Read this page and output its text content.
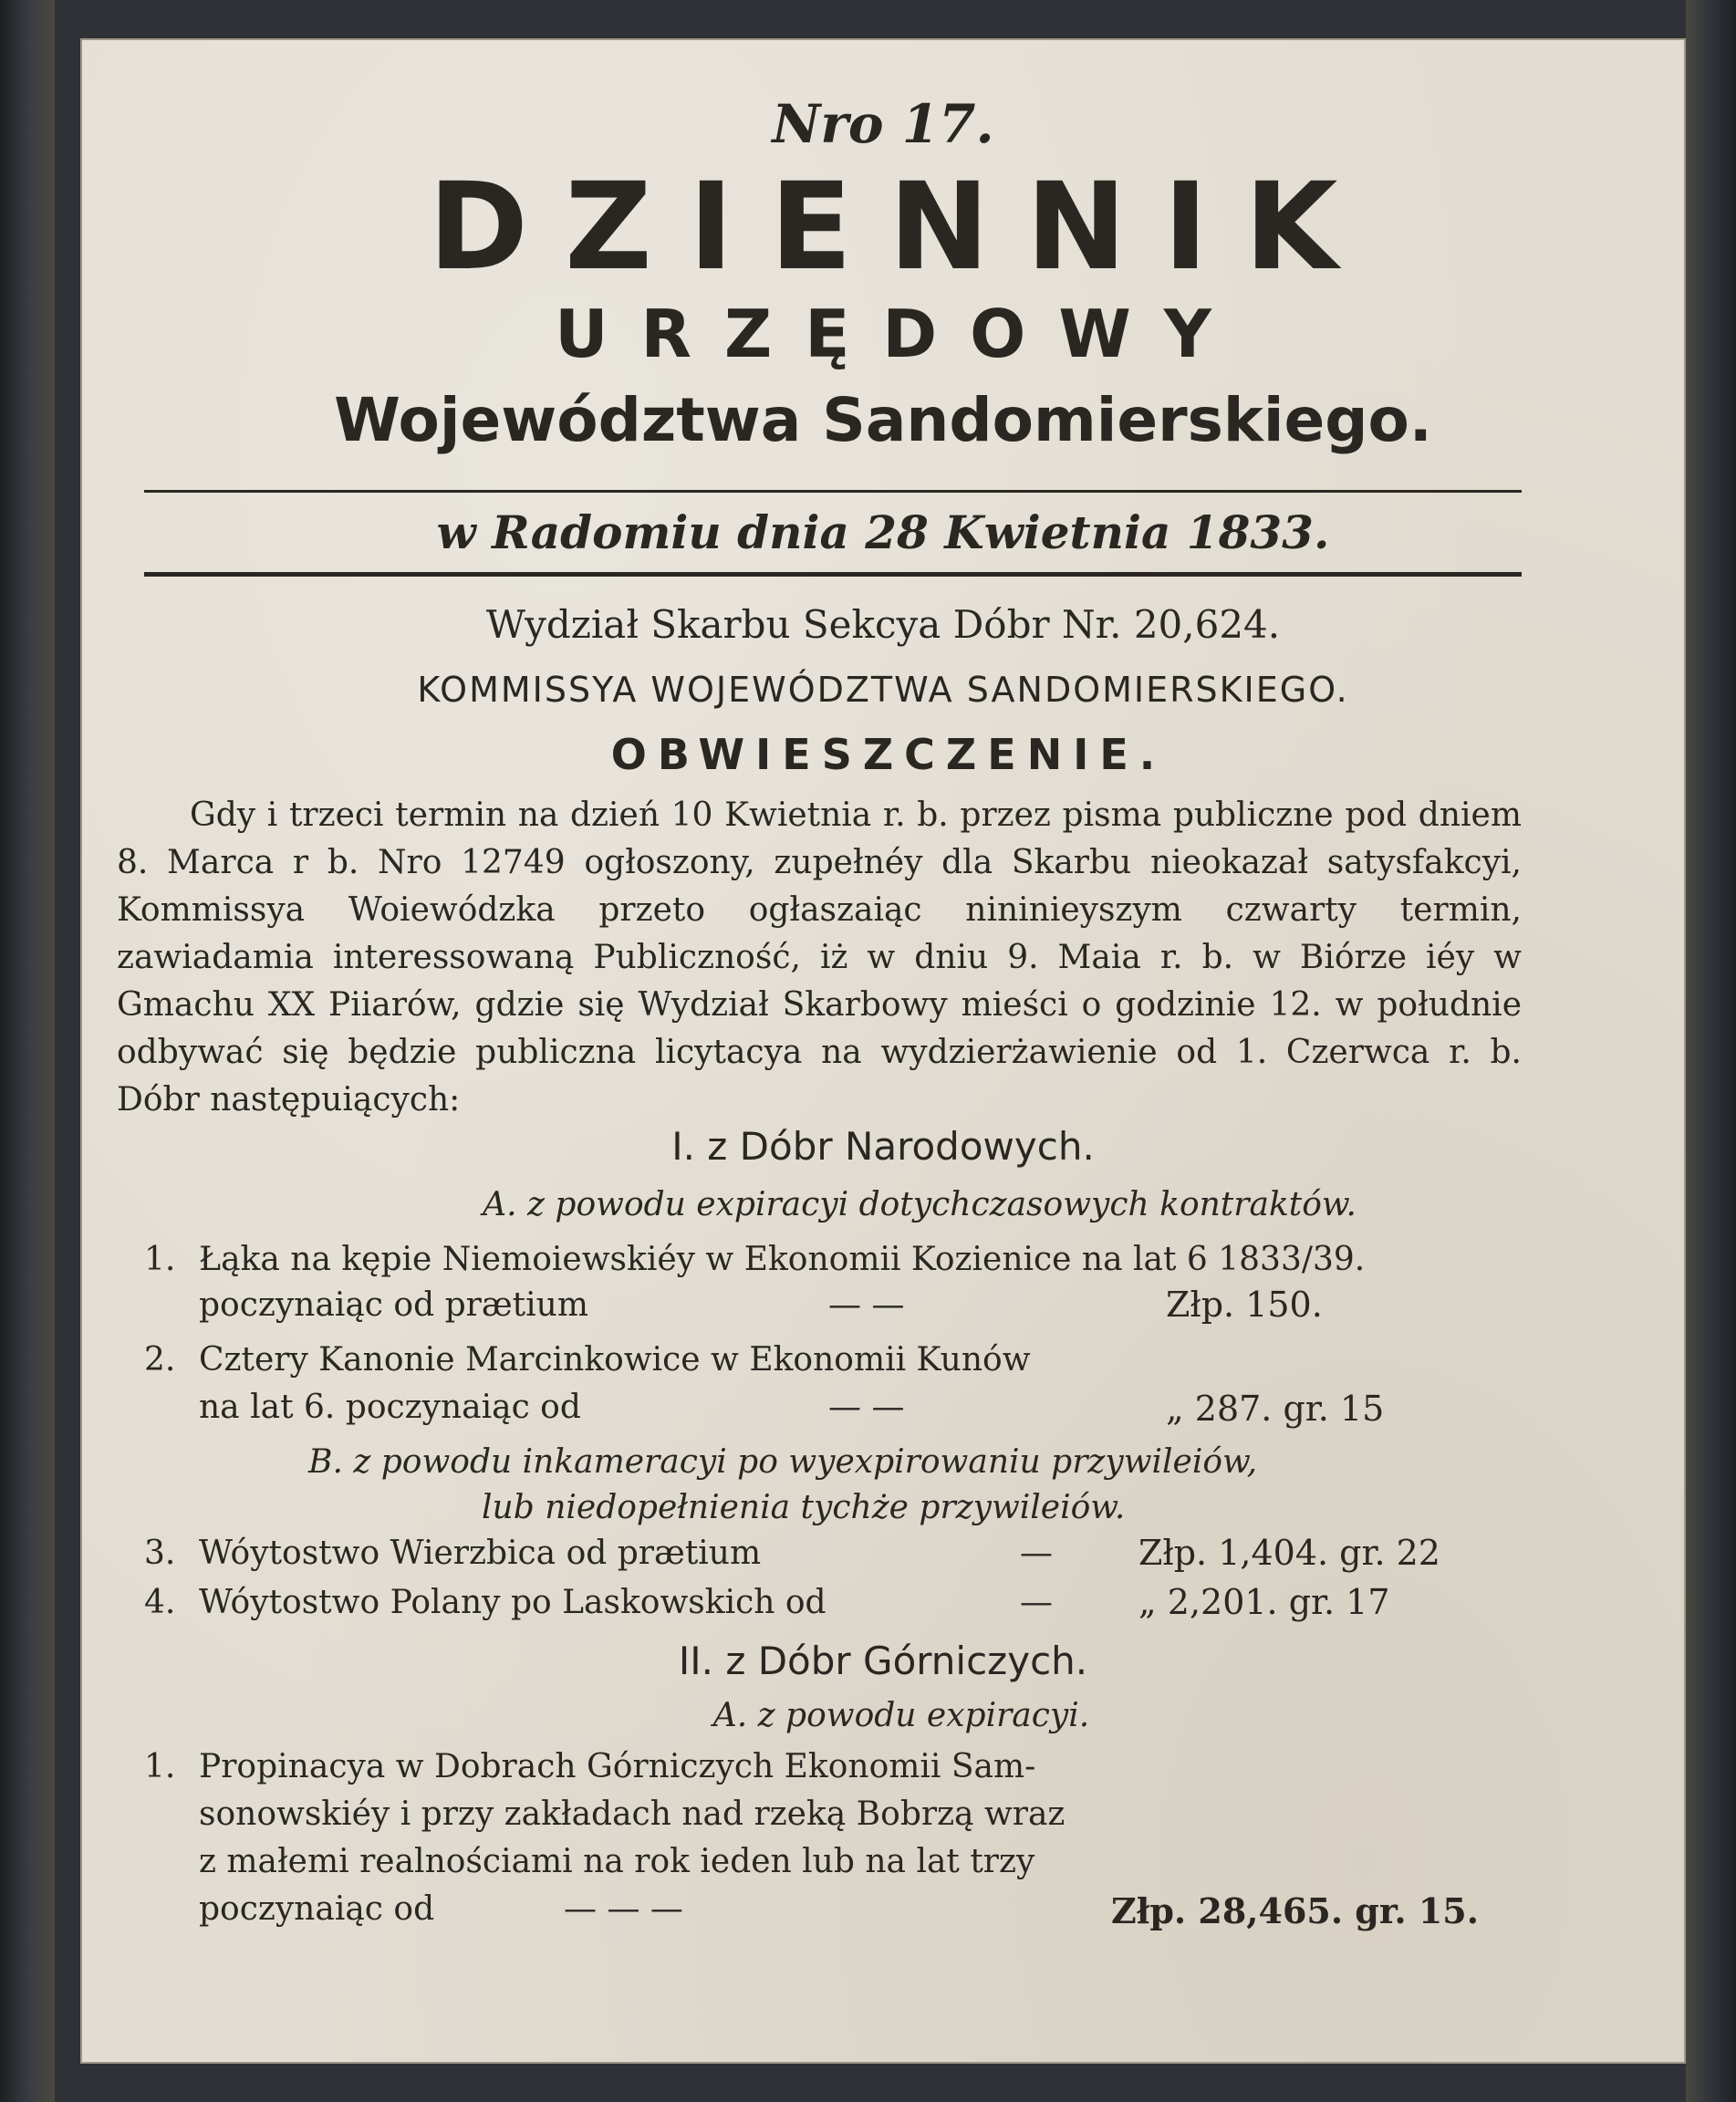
Nro 17.
DZIENNIK
URZĘDOWY
Województwa Sandomierskiego.
w Radomiu dnia 28 Kwietnia 1833.
Wydział Skarbu Sekcya Dóbr Nr. 20,624.
KOMMISSYA WOJEWÓDZTWA SANDOMIERSKIEGO.
OBWIESZCZENIE.
Gdy i trzeci termin na dzień 10 Kwietnia r. b. przez pisma publiczne pod dniem 8. Marca r b. Nro 12749 ogłoszony, zupełnéy dla Skarbu nieokazał satysfakcyi, Kommissya Woiewódzka przeto ogłaszaiąc nininieyszym czwarty termin, zawiadamia interessowaną Publiczność, iż w dniu 9. Maia r. b. w Biórze iéy w Gmachu XX Piiarów, gdzie się Wydział Skarbowy mieści o godzinie 12. w południe odbywać się będzie publiczna licytacya na wydzierżawienie od 1. Czerwca r. b. Dóbr następuiących:
I. z Dóbr Narodowych.
A. z powodu expiracyi dotychczasowych kontraktów.
1. Łąka na kępie Niemoiewskiéy w Ekonomii Kozienice na lat 6 1833/39.
poczynaiąc od prætium	— —	Złp. 150.
2. Cztery Kanonie Marcinkowice w Ekonomii Kunów
na lat 6. poczynaiąc od	— —	„ 287. gr. 15
B. z powodu inkameracyi po wyexpirowaniu przywileiów,
lub niedopełnienia tychże przywileiów.
3. Wóytostwo Wierzbica od prætium	— Złp. 1,404. gr. 22
4. Wóytostwo Polany po Laskowskich od	— „ 2,201. gr. 17
II. z Dóbr Górniczych.
A. z powodu expiracyi.
1. Propinacya w Dobrach Górniczych Ekonomii Sam-
sonowskiéy i przy zakładach nad rzeką Bobrzą wraz
z małemi realnościami na rok ieden lub na lat trzy
poczynaiąc od	— — —	Złp. 28,465. gr. 15.
